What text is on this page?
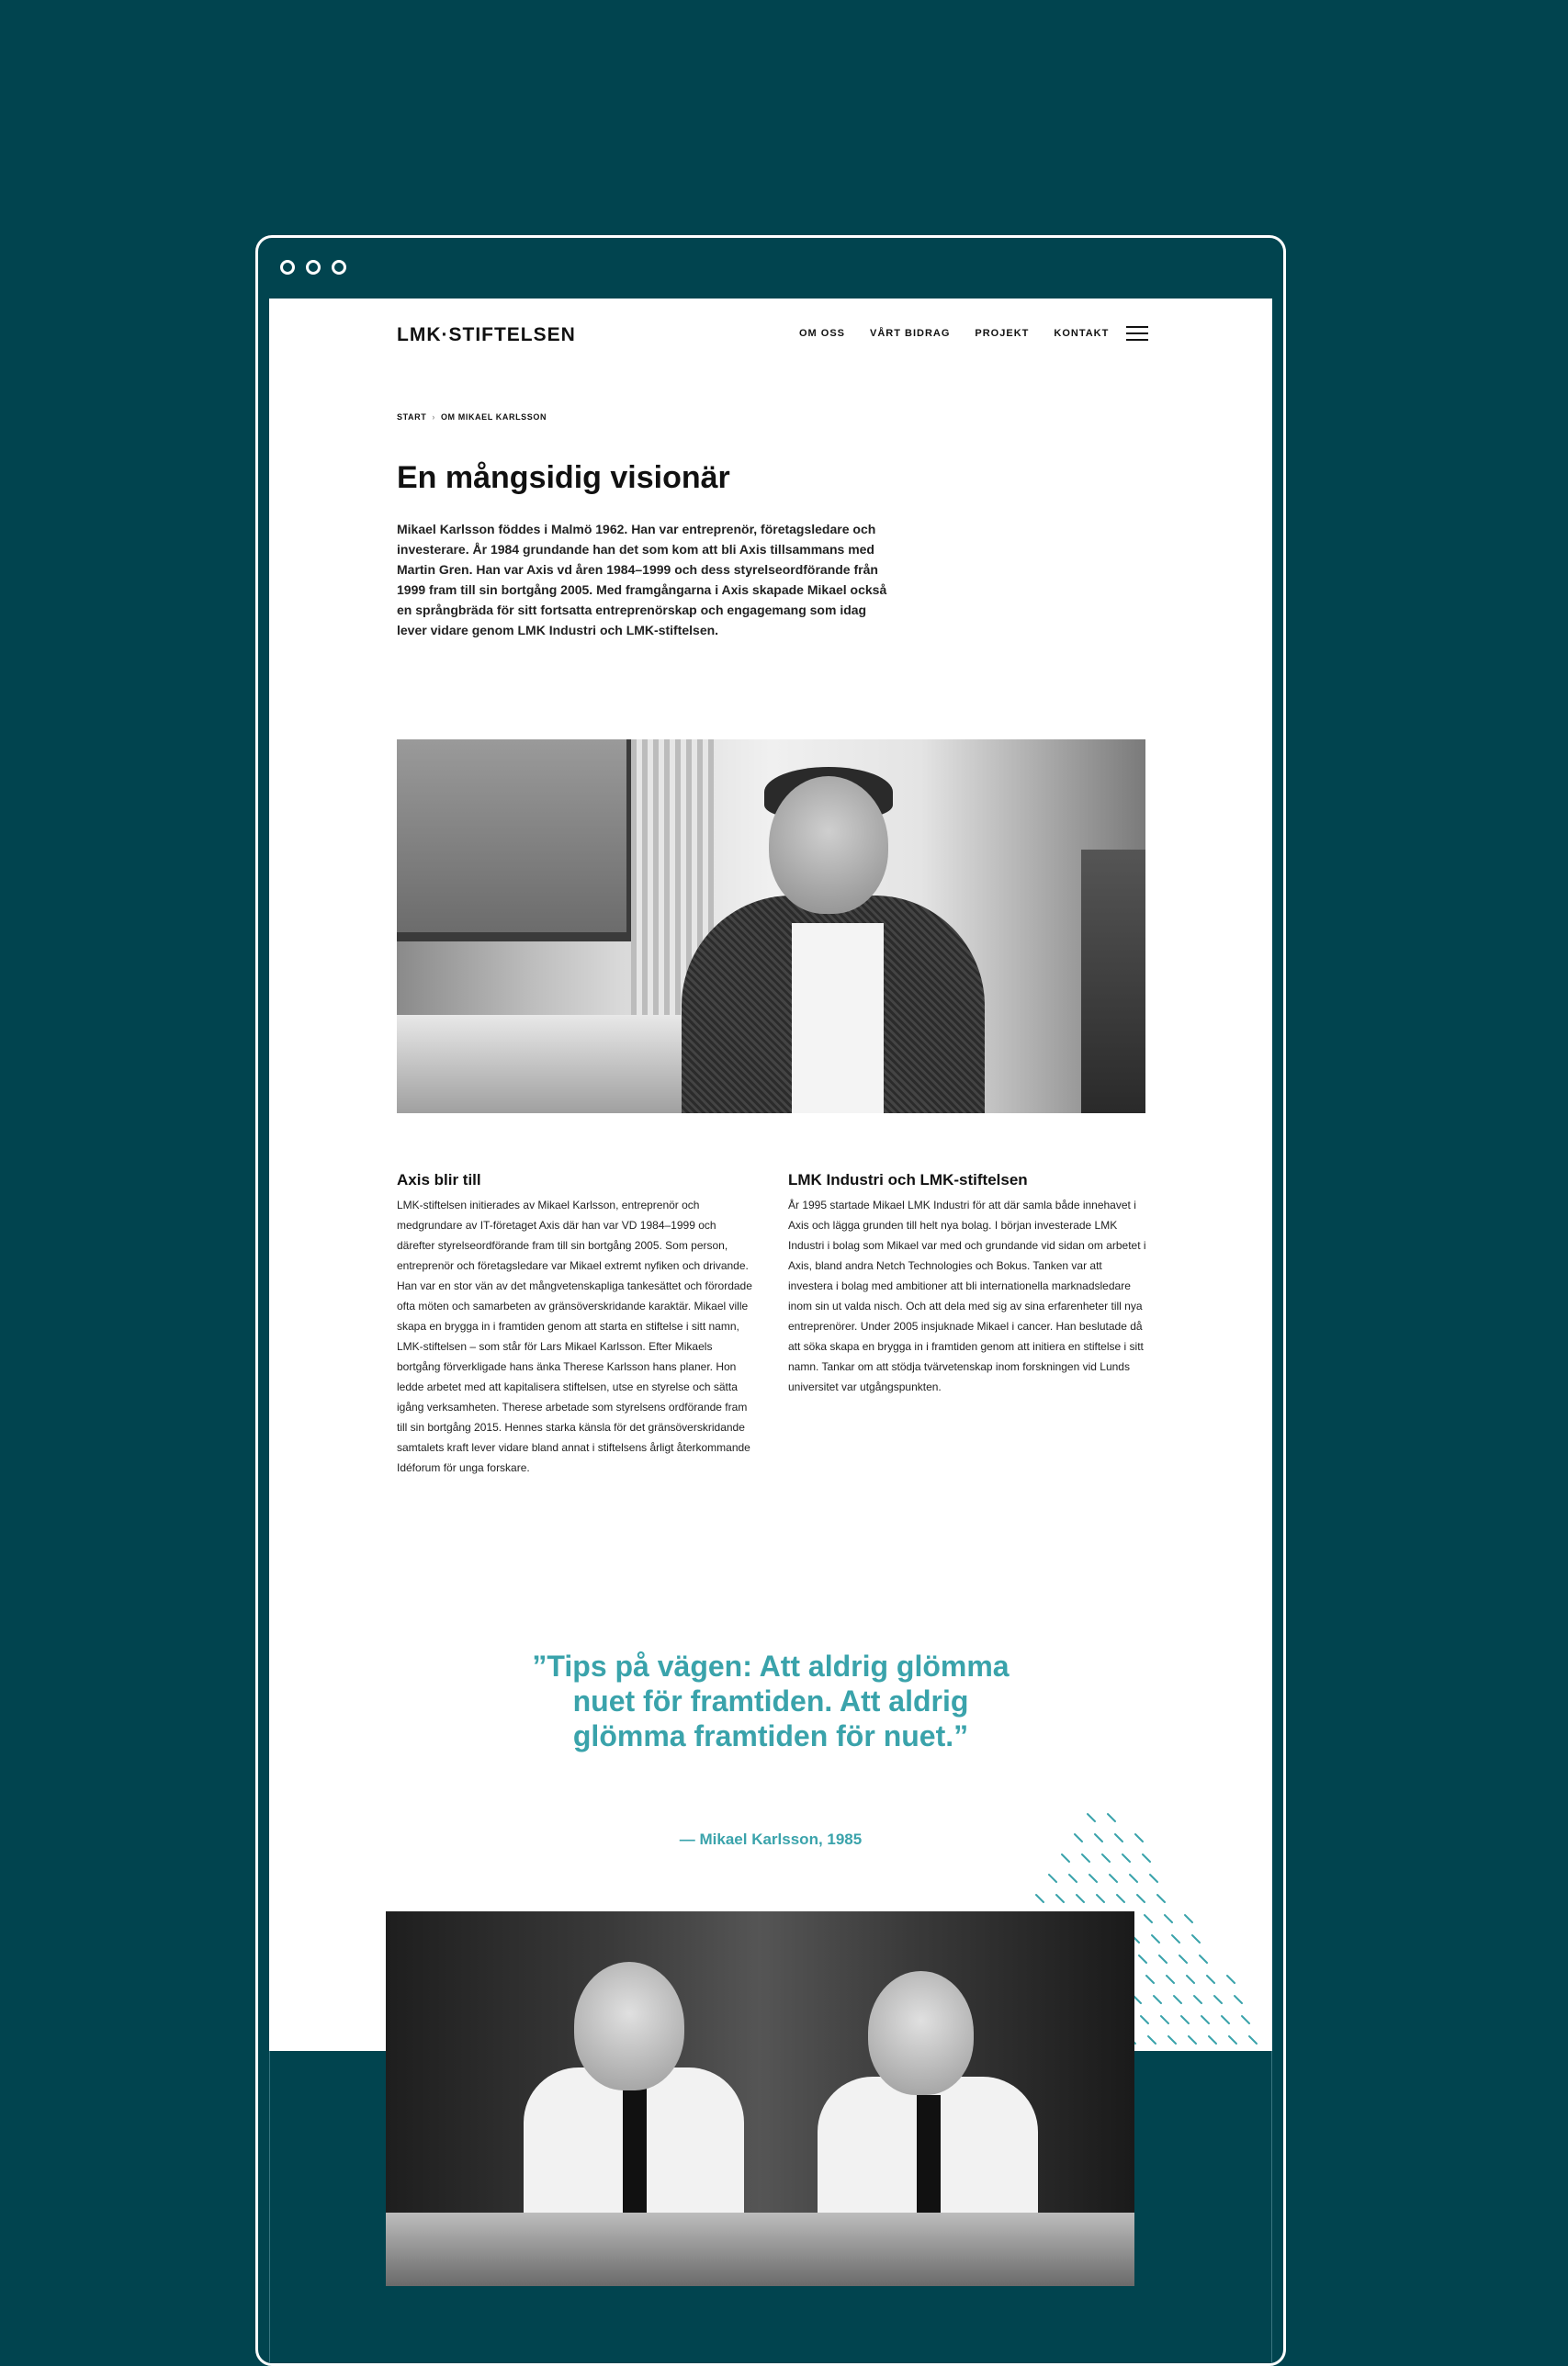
LMK·STIFTELSEN	OM OSS VÅRT BIDRAG PROJEKT KONTAKT
START › OM MIKAEL KARLSSON
En mångsidig visionär

Mikael Karlsson föddes i Malmö 1962. Han var entreprenör, företagsledare och investerare. År 1984 grundande han det som kom att bli Axis tillsammans med Martin Gren. Han var Axis vd åren 1984–1999 och dess styrelseordförande från 1999 fram till sin bortgång 2005. Med framgångarna i Axis skapade Mikael också en språngbräda för sitt fortsatta entreprenörskap och engagemang som idag lever vidare genom LMK Industri och LMK-stiftelsen.

Axis blir till

LMK-stiftelsen initierades av Mikael Karlsson, entreprenör och medgrundare av IT-företaget Axis där han var VD 1984–1999 och därefter styrelseordförande fram till sin bortgång 2005. Som person, entreprenör och företagsledare var Mikael extremt nyfiken och drivande. Han var en stor vän av det mångvetenskapliga tankesättet och förordade ofta möten och samarbeten av gränsöverskridande karaktär. Mikael ville skapa en brygga in i framtiden genom att starta en stiftelse i sitt namn, LMK-stiftelsen – som står för Lars Mikael Karlsson. Efter Mikaels bortgång förverkligade hans änka Therese Karlsson hans planer. Hon ledde arbetet med att kapitalisera stiftelsen, utse en styrelse och sätta igång verksamheten. Therese arbetade som styrelsens ordförande fram till sin bortgång 2015. Hennes starka känsla för det gränsöverskridande samtalets kraft lever vidare bland annat i stiftelsens årligt återkommande Idéforum för unga forskare.

LMK Industri och LMK-stiftelsen

År 1995 startade Mikael LMK Industri för att där samla både innehavet i Axis och lägga grunden till helt nya bolag. I början investerade LMK Industri i bolag som Mikael var med och grundande vid sidan om arbetet i Axis, bland andra Netch Technologies och Bokus. Tanken var att investera i bolag med ambitioner att bli internationella marknadsledare inom sin ut valda nisch. Och att dela med sig av sina erfarenheter till nya entreprenörer. Under 2005 insjuknade Mikael i cancer. Han beslutade då att söka skapa en brygga in i framtiden genom att initiera en stiftelse i sitt namn. Tankar om att stödja tvärvetenskap inom forskningen vid Lunds universitet var utgångspunkten.

”Tips på vägen: Att aldrig glömma nuet för framtiden. Att aldrig glömma framtiden för nuet.”

— Mikael Karlsson, 1985
